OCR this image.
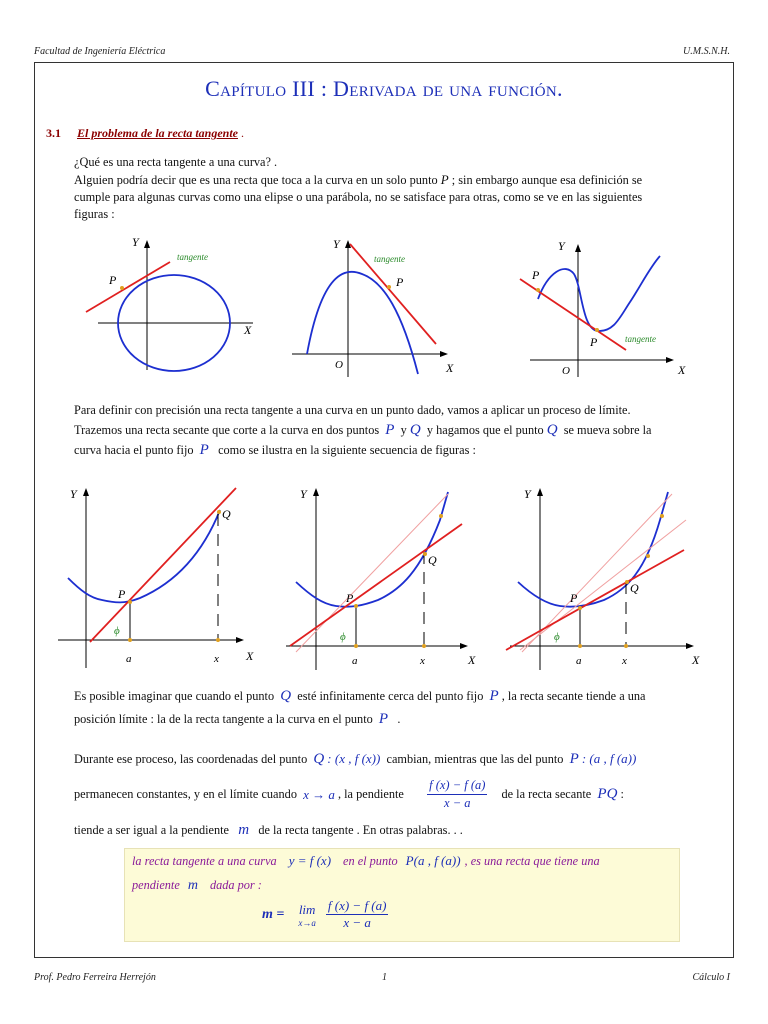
Facultad de Ingeniería Eléctrica	U.M.S.N.H.
Capítulo III : Derivada de una función.
3.1 El problema de la recta tangente .
¿Qué es una recta tangente a una curva? .
Alguien podría decir que es una recta que toca a la curva en un solo punto P ; sin embargo aunque esa definición se
cumple para algunas curvas como una elipse o una parábola, no se satisface para otras, como se ve en las siguientes
figuras :
Y
X
P
tangente
Y
X
O
P
tangente
Y
X
O
P
P	tangente
Para definir con precisión una recta tangente a una curva en un punto dado, vamos a aplicar un proceso de límite.
Trazemos una recta secante que corte a la curva en dos puntos P y Q y hagamos que el punto Q se mueva sobre la
curva hacia el punto fijo P como se ilustra en la siguiente secuencia de figuras :
Y
X
P
Q
a	x
ϕ
Y
X
P
Q
a	x
ϕ
Y
X
P
Q
a	x
ϕ
Es posible imaginar que cuando el punto Q esté infinitamente cerca del punto fijo P , la recta secante tiende a una
posición límite : la de la recta tangente a la curva en el punto P .
Durante ese proceso, las coordenadas del punto Q : (x , f (x)) cambian, mientras que las del punto P : (a , f (a))
permanecen constantes, y en el límite cuando
x → a
, la pendiente
$\frac{f (x) - f (a)}{x - a}$ de la recta secante
PQ
:
tiende a ser igual a la pendiente m de la recta tangente . En otras palabras. . .
la recta tangente a una curva y = f (x) en el punto P(a , f (a)) , es una recta que tiene una
pendiente m dada por :
m = lim
$x\to a \frac{f (x) - f (a)}{x - a}$
Prof. Pedro Ferreira Herrejón	1	Cálculo I
